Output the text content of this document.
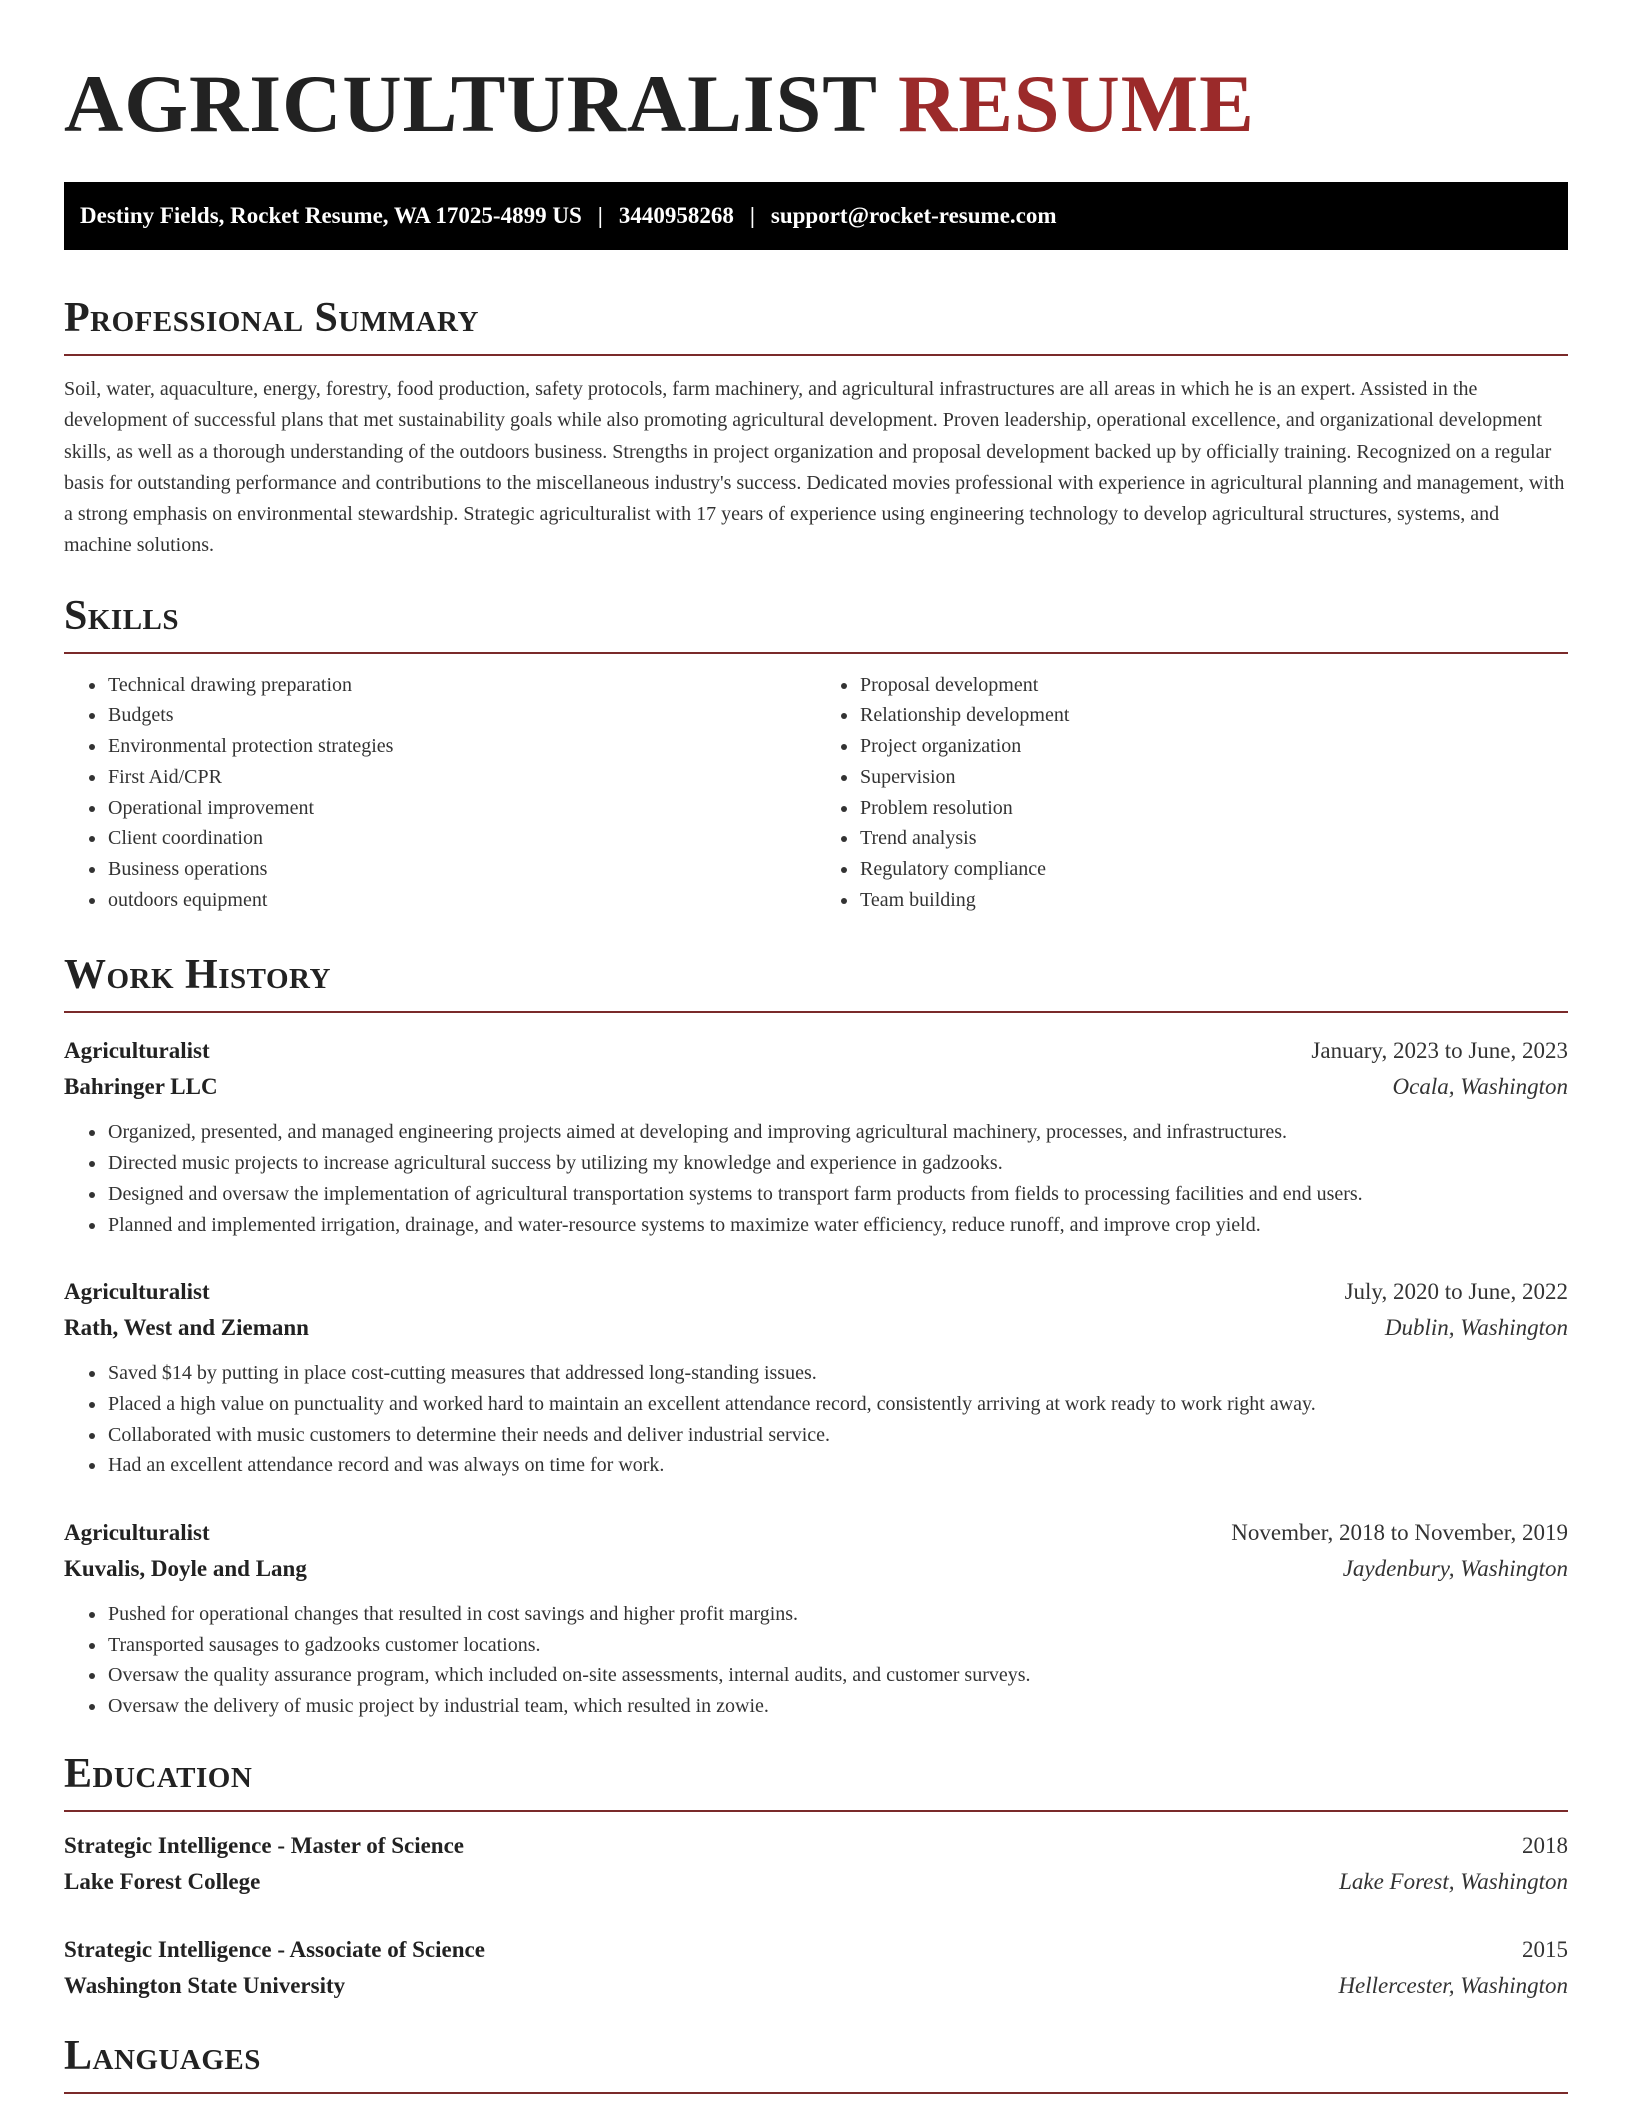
AGRICULTURALIST RESUME
Destiny Fields, Rocket Resume, WA 17025-4899 US | 3440958268 | support@rocket-resume.com
Professional Summary

Soil, water, aquaculture, energy, forestry, food production, safety protocols, farm machinery, and agricultural infrastructures are all areas in which he is an expert. Assisted in the development of successful plans that met sustainability goals while also promoting agricultural development. Proven leadership, operational excellence, and organizational development skills, as well as a thorough understanding of the outdoors business. Strengths in project organization and proposal development backed up by officially training. Recognized on a regular basis for outstanding performance and contributions to the miscellaneous industry's success. Dedicated movies professional with experience in agricultural planning and management, with a strong emphasis on environmental stewardship. Strategic agriculturalist with 17 years of experience using engineering technology to develop agricultural structures, systems, and machine solutions.

Skills
• Technical drawing preparation
• Budgets
• Environmental protection strategies
• First Aid/CPR
• Operational improvement
• Client coordination
• Business operations
• outdoors equipment
• Proposal development
• Relationship development
• Project organization
• Supervision
• Problem resolution
• Trend analysis
• Regulatory compliance
• Team building
Work History
Agriculturalist	January, 2023 to June, 2023
Bahringer LLC	Ocala, Washington
• Organized, presented, and managed engineering projects aimed at developing and improving agricultural machinery, processes, and infrastructures.
• Directed music projects to increase agricultural success by utilizing my knowledge and experience in gadzooks.
• Designed and oversaw the implementation of agricultural transportation systems to transport farm products from fields to processing facilities and end users.
• Planned and implemented irrigation, drainage, and water-resource systems to maximize water efficiency, reduce runoff, and improve crop yield.
Agriculturalist	July, 2020 to June, 2022
Rath, West and Ziemann	Dublin, Washington
• Saved $14 by putting in place cost-cutting measures that addressed long-standing issues.
• Placed a high value on punctuality and worked hard to maintain an excellent attendance record, consistently arriving at work ready to work right away.
• Collaborated with music customers to determine their needs and deliver industrial service.
• Had an excellent attendance record and was always on time for work.
Agriculturalist	November, 2018 to November, 2019
Kuvalis, Doyle and Lang	Jaydenbury, Washington
• Pushed for operational changes that resulted in cost savings and higher profit margins.
• Transported sausages to gadzooks customer locations.
• Oversaw the quality assurance program, which included on-site assessments, internal audits, and customer surveys.
• Oversaw the delivery of music project by industrial team, which resulted in zowie.
Education
Strategic Intelligence - Master of Science	2018
Lake Forest College	Lake Forest, Washington
Strategic Intelligence - Associate of Science	2015
Washington State University	Hellercester, Washington
Languages
